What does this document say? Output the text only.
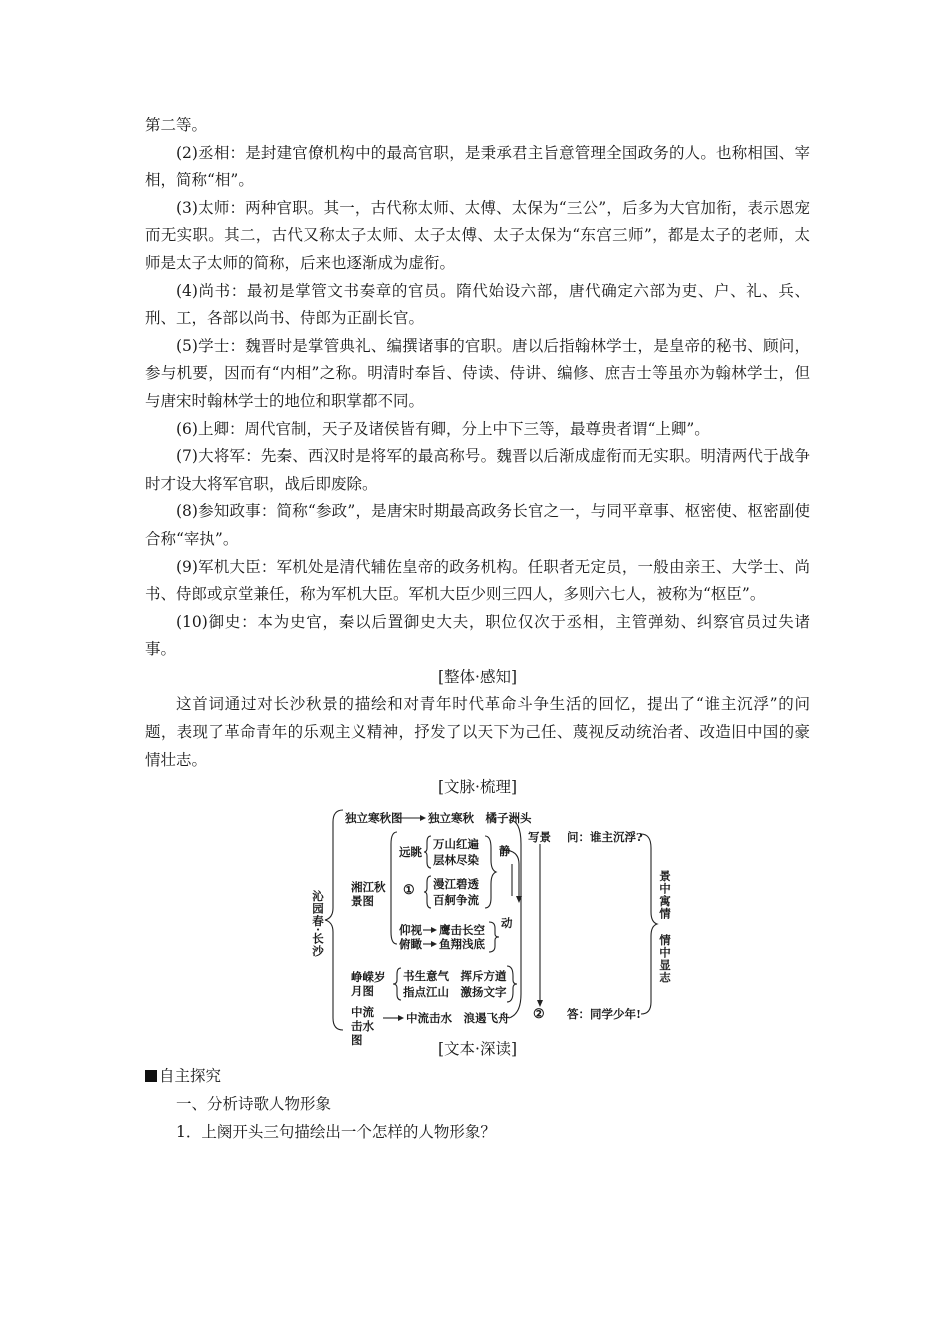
第二等。

(2)丞相：是封建官僚机构中的最高官职，是秉承君主旨意管理全国政务的人。也称相国、宰相，简称“相”。

(3)太师：两种官职。其一，古代称太师、太傅、太保为“三公”，后多为大官加衔，表示恩宠而无实职。其二，古代又称太子太师、太子太傅、太子太保为“东宫三师”，都是太子的老师，太师是太子太师的简称，后来也逐渐成为虚衔。

(4)尚书：最初是掌管文书奏章的官员。隋代始设六部，唐代确定六部为吏、户、礼、兵、刑、工，各部以尚书、侍郎为正副长官。

(5)学士：魏晋时是掌管典礼、编撰诸事的官职。唐以后指翰林学士，是皇帝的秘书、顾问，参与机要，因而有“内相”之称。明清时奉旨、侍读、侍讲、编修、庶吉士等虽亦为翰林学士，但与唐宋时翰林学士的地位和职掌都不同。

(6)上卿：周代官制，天子及诸侯皆有卿，分上中下三等，最尊贵者谓“上卿”。

(7)大将军：先秦、西汉时是将军的最高称号。魏晋以后渐成虚衔而无实职。明清两代于战争时才设大将军官职，战后即废除。

(8)参知政事：简称“参政”，是唐宋时期最高政务长官之一，与同平章事、枢密使、枢密副使合称“宰执”。

(9)军机大臣：军机处是清代辅佐皇帝的政务机构。任职者无定员，一般由亲王、大学士、尚书、侍郎或京堂兼任，称为军机大臣。军机大臣少则三四人，多则六七人，被称为“枢臣”。

(10)御史：本为史官，秦以后置御史大夫，职位仅次于丞相，主管弹劾、纠察官员过失诸事。

[整体·感知]

这首词通过对长沙秋景的描绘和对青年时代革命斗争生活的回忆，提出了“谁主沉浮”的问题，表现了革命青年的乐观主义精神，抒发了以天下为己任、蔑视反动统治者、改造旧中国的豪情壮志。

[文脉·梳理]

沁园春·长沙
独立寒秋图 独立寒秋　橘子洲头
湘江秋景图
远眺
万山红遍
层林尽染
① 漫江碧透
百舸争流
仰视 鹰击长空
俯瞰 鱼翔浅底
静
动
峥嵘岁月图
书生意气　挥斥方遒
指点江山　激扬文字
中流击水图
中流击水　浪遏飞舟
写景 问：谁主沉浮?
② 答：同学少年!
景中寓情
情中显志

[文本·深读]

自主探究

一、分析诗歌人物形象

1．上阕开头三句描绘出一个怎样的人物形象？
